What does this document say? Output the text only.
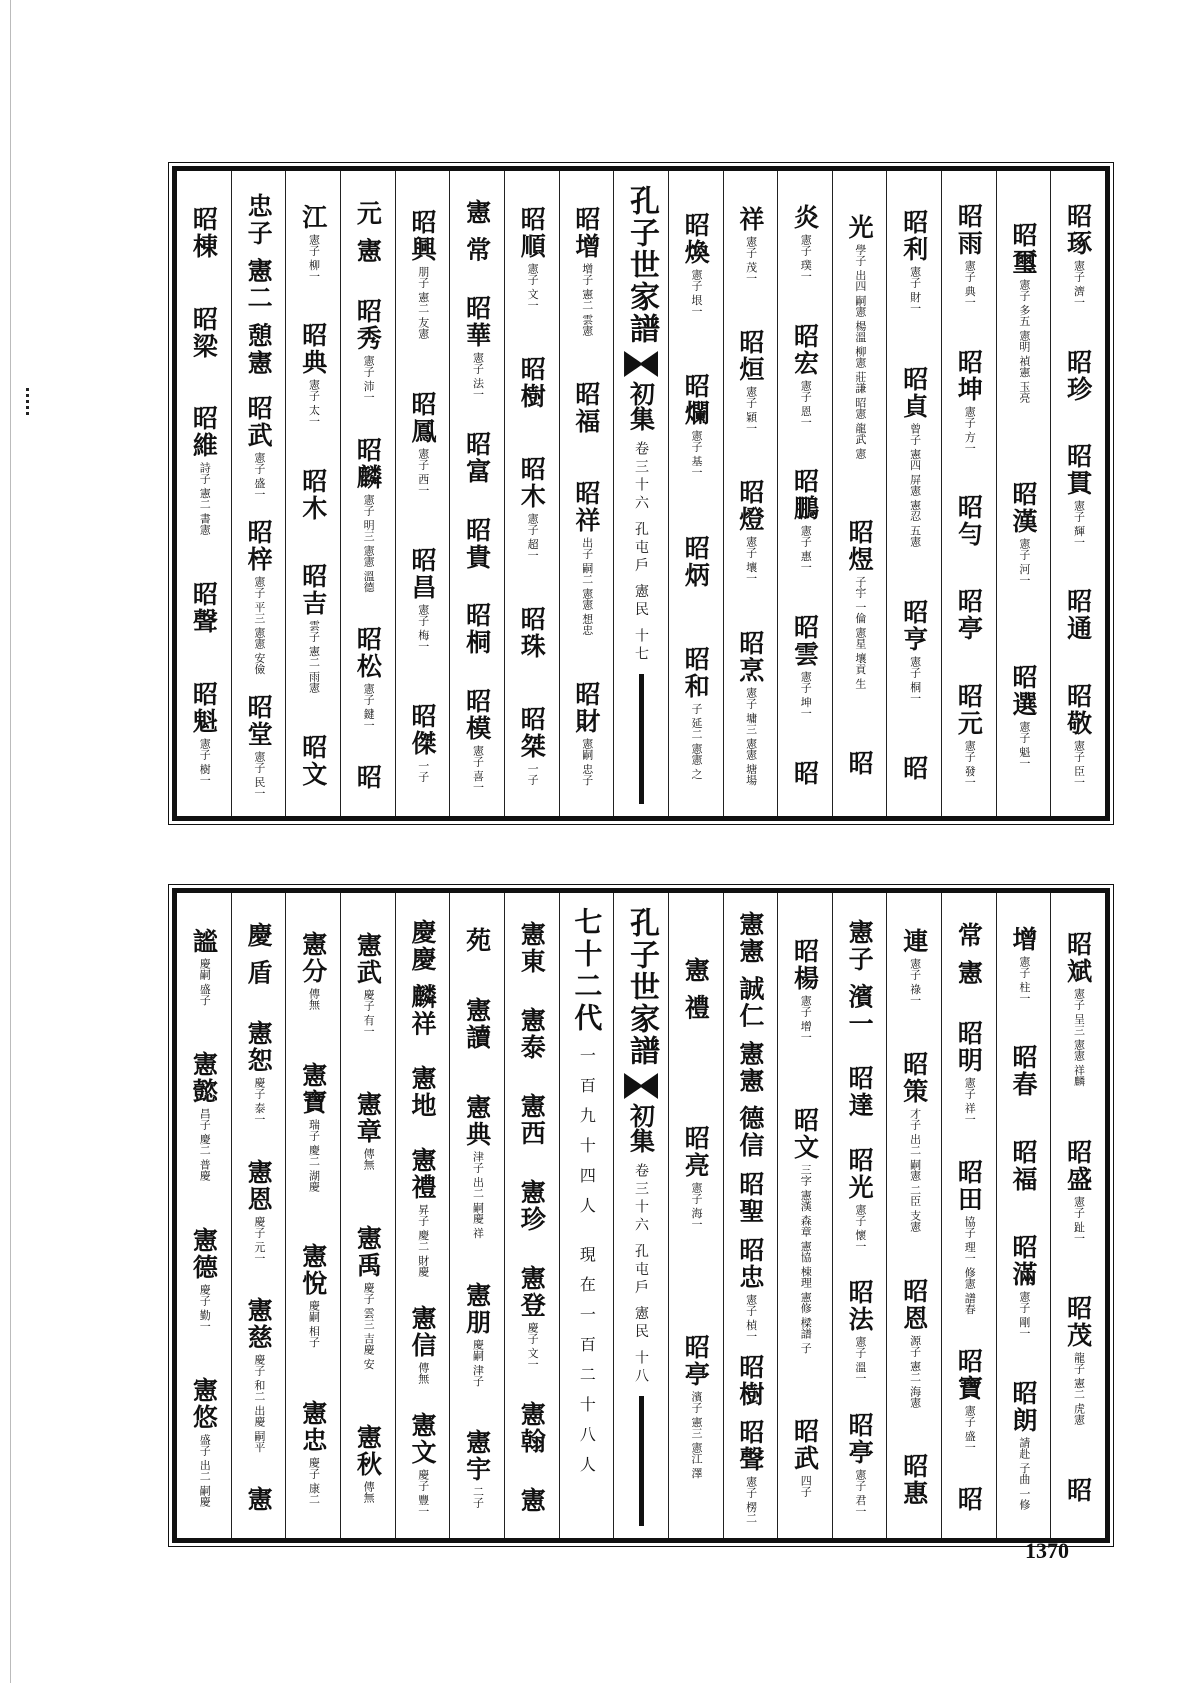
昭琢
憲子 濟一
昭珍
昭貫
憲子 輝一
昭通
昭敬
憲子 臣一
昭璽
憲子 多五 憲明 禎憲 玉亮
昭漢
憲子 河一
昭選
憲子 魁一
昭雨
憲子 典一
昭坤
憲子 方一
昭勻
昭亭
昭元
憲子 發一
昭利
憲子 財一
昭貞
曾子 憲四 屏憲 憲忍 五憲
昭亨
憲子 桐一
昭
光
學子 出四 嗣憲 楊溫 柳憲 莊謙 昭憲 龍武 憲
昭煜
子宇 一倫 憲星 壤貢 生
昭
炎
憲子 璞一
昭宏
憲子 恩一
昭鵬
憲子 惠一
昭雲
憲子 坤一
昭
祥
憲子 茂一
昭烜
憲子 穎一
昭燈
憲子 壤一
昭烹
憲子 墉三 憲憲 塘場
昭煥
憲子 垠一
昭爛
憲子 基一
昭炳
昭和
子 延二 憲憲 之
孔子世家譜
初集
卷三十六 孔屯戶 憲民 十七
昭增
增子 憲二 雲憲
昭福
昭祥
出子 嗣二 憲憲 想忠
昭財
憲嗣 忠子
昭順
憲子 文一
昭樹
昭木
憲子 超一
昭珠
昭桀
一子
憲 常
昭華
憲子 法一
昭富
昭貴
昭桐
昭模
憲子 喜一
昭興
朋子 憲二 友憲
昭鳳
憲子 西一
昭昌
憲子 梅一
昭傑
一子
元 憲
昭秀
憲子 沛一
昭麟
憲子 明三 憲憲 溫德
昭松
憲子 鍵一
昭
江
憲子 柳一
昭典
憲子 太一
昭木
昭吉
雲子 憲二 雨憲
昭文
忠子 憲二 憩憲
昭武
憲子 盛一
昭梓
憲子 平三 憲憲 安儉
昭堂
憲子 民一
昭棟
昭梁
昭維
詩子 憲二 書憲
昭聲
昭魁
憲子 樹一
昭斌
憲子 呈三 憲憲 祥麟
昭盛
憲子 趾一
昭茂
龍子 憲二 虎憲
昭
增
憲子 柱一
昭春
昭福
昭滿
憲子 剛一
昭朗
請赴 子曲 一修
常 憲
昭明
憲子 祥一
昭田
協子 理一 修憲 譜春
昭寶
憲子 盛一
昭
連
憲子 祿一
昭策
才子 出二 嗣憲 二臣 支憲
昭恩
源子 憲二 海憲
昭惠
憲子 濱一
昭達
昭光
憲子 懷一
昭法
憲子 溫一
昭亭
憲子 君一
昭楊
憲子 增一
昭文
三字 憲漢 森章 憲協 棟理 憲修 樑譜 子
昭武
四子
憲憲 誠仁 憲憲 德信
昭聖
昭忠
憲子 楨一
昭樹
昭聲
憲子 楞二
憲 禮
昭亮
憲子 海一
昭亭
濱子 憲三 憲江 澤
孔子世家譜
初集
卷三十六 孔屯戶 憲民 十八
七十二代
一百九十四人 現在一百二十八人
憲東
憲泰
憲西
憲珍
憲登
慶子 文一
憲翰
憲
苑
憲讀
憲典
津子 出二 嗣慶 祥
憲朋
慶嗣 津子
憲宇
二子
慶慶 麟祥
憲地
憲禮
昇子 慶二 財慶
憲信
傳無
憲文
慶子 豐一
憲武
慶子 有一
憲章
傳無
憲禹
慶子 雲三 吉慶 安
憲秋
傳無
憲分
傳無
憲寶
瑞子 慶二 湖慶
憲悅
慶嗣 相子
憲忠
慶子 康二
慶 盾
憲恕
慶子 泰一
憲恩
慶子 元一
憲慈
慶子 和二 出慶 嗣平
憲
謐
慶嗣 盛子
憲懿
昌子 慶二 普慶
憲德
慶子 勤一
憲悠
盛子 出二 嗣慶
1370
